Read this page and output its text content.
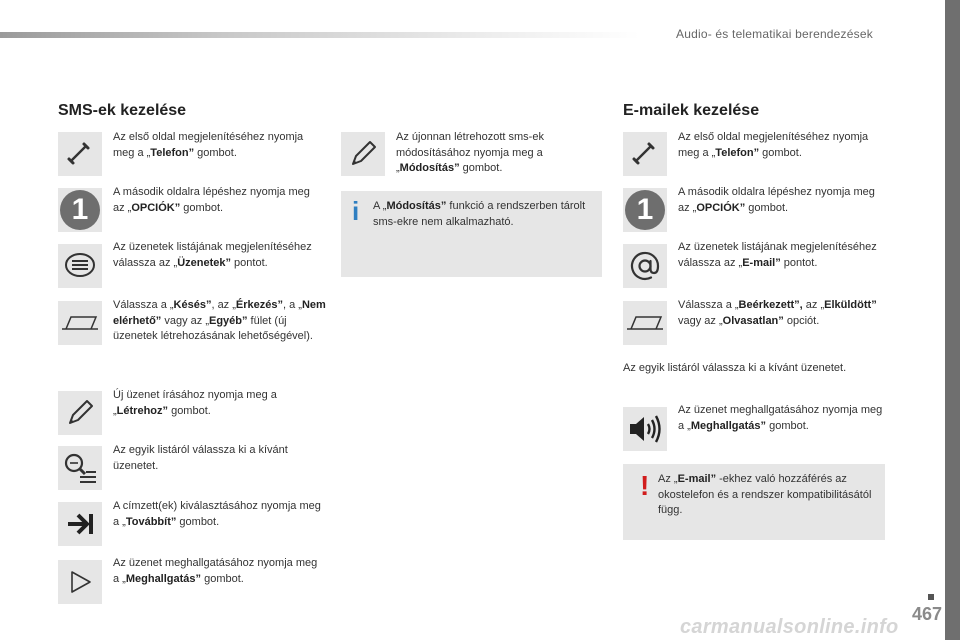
Audio- és telematikai berendezések
SMS-ek kezelése
Az első oldal megjelenítéséhez nyomja meg a „Telefon” gombot.
1
A második oldalra lépéshez nyomja meg az „OPCIÓK” gombot.
Az üzenetek listájának megjelenítéséhez válassza az „Üzenetek” pontot.
Válassza a „Késés”, az „Érkezés”, a „Nem elérhető” vagy az „Egyéb” fület (új üzenetek létrehozásának lehetőségével).
Új üzenet írásához nyomja meg a „Létrehoz” gombot.
Az egyik listáról válassza ki a kívánt üzenetet.
A címzett(ek) kiválasztásához nyomja meg a „Továbbít” gombot.
Az üzenet meghallgatásához nyomja meg a „Meghallgatás” gombot.
Az újonnan létrehozott sms-ek módosításához nyomja meg a „Módosítás” gombot.
i A „Módosítás” funkció a rendszerben tárolt sms-ekre nem alkalmazható.
E-mailek kezelése
Az első oldal megjelenítéséhez nyomja meg a „Telefon” gombot.
1
A második oldalra lépéshez nyomja meg az „OPCIÓK” gombot.
Az üzenetek listájának megjelenítéséhez válassza az „E-mail” pontot.
Válassza a „Beérkezett”, az „Elküldött” vagy az „Olvasatlan” opciót.
Az egyik listáról válassza ki a kívánt üzenetet.
Az üzenet meghallgatásához nyomja meg a „Meghallgatás” gombot.
! Az „E-mail” -ekhez való hozzáférés az okostelefon és a rendszer kompatibilitásától függ.
467
carmanualsonline.info
